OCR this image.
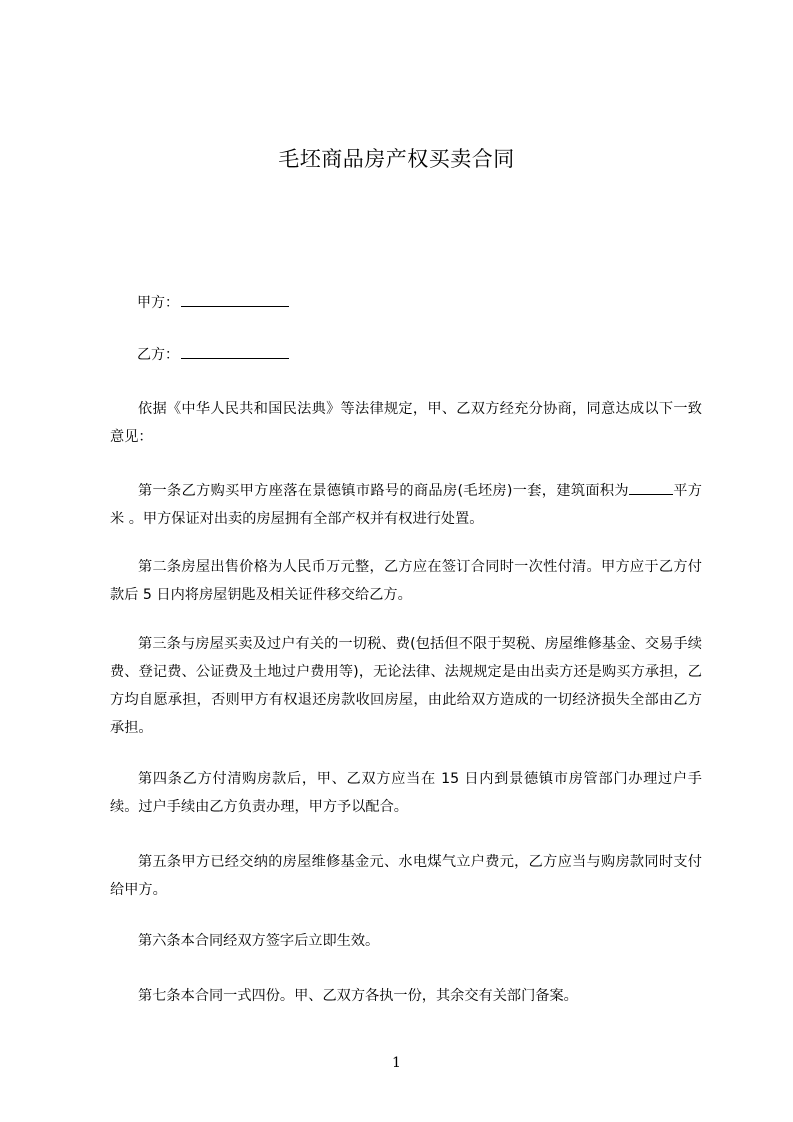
毛坯商品房产权买卖合同
甲方：
乙方：
依据《中华人民共和国民法典》等法律规定，甲、乙双方经充分协商，同意达成以下一致意见：
第一条乙方购买甲方座落在景德镇市路号的商品房(毛坯房)一套，建筑面积为	平方米 。甲方保证对出卖的房屋拥有全部产权并有权进行处置。
第二条房屋出售价格为人民币万元整，乙方应在签订合同时一次性付清。甲方应于乙方付款后 5 日内将房屋钥匙及相关证件移交给乙方。
第三条与房屋买卖及过户有关的一切税、费(包括但不限于契税、房屋维修基金、交易手续费、登记费、公证费及土地过户费用等)，无论法律、法规规定是由出卖方还是购买方承担，乙方均自愿承担，否则甲方有权退还房款收回房屋，由此给双方造成的一切经济损失全部由乙方承担。
第四条乙方付清购房款后，甲、乙双方应当在 15 日内到景德镇市房管部门办理过户手续。过户手续由乙方负责办理，甲方予以配合。
第五条甲方已经交纳的房屋维修基金元、水电煤气立户费元，乙方应当与购房款同时支付给甲方。
第六条本合同经双方签字后立即生效。
第七条本合同一式四份。甲、乙双方各执一份，其余交有关部门备案。
1
